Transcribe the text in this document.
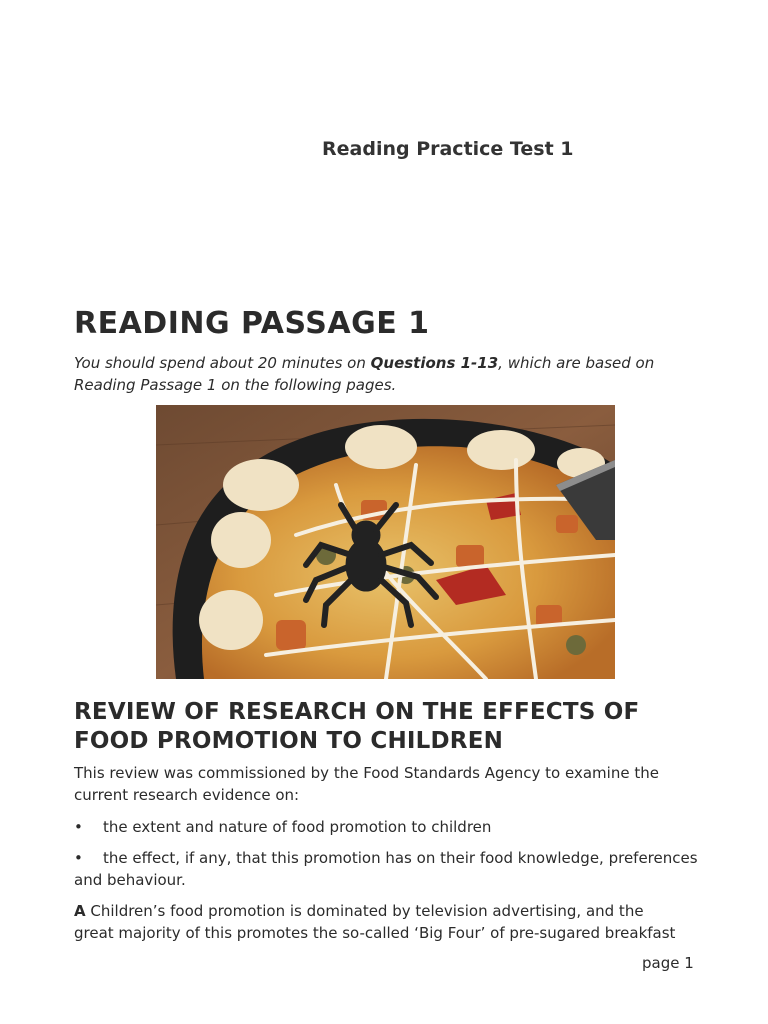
Reading Practice Test 1
READING PASSAGE 1
You should spend about 20 minutes on Questions 1-13, which are based on Reading Passage 1 on the following pages.
REVIEW OF RESEARCH ON THE EFFECTS OF
FOOD PROMOTION TO CHILDREN
This review was commissioned by the Food Standards Agency to examine the current research evidence on:
• the extent and nature of food promotion to children
• the effect, if any, that this promotion has on their food knowledge, preferences and behaviour.
A Children’s food promotion is dominated by television advertising, and the
great majority of this promotes the so-called ‘Big Four’ of pre-sugared breakfast
page 1
